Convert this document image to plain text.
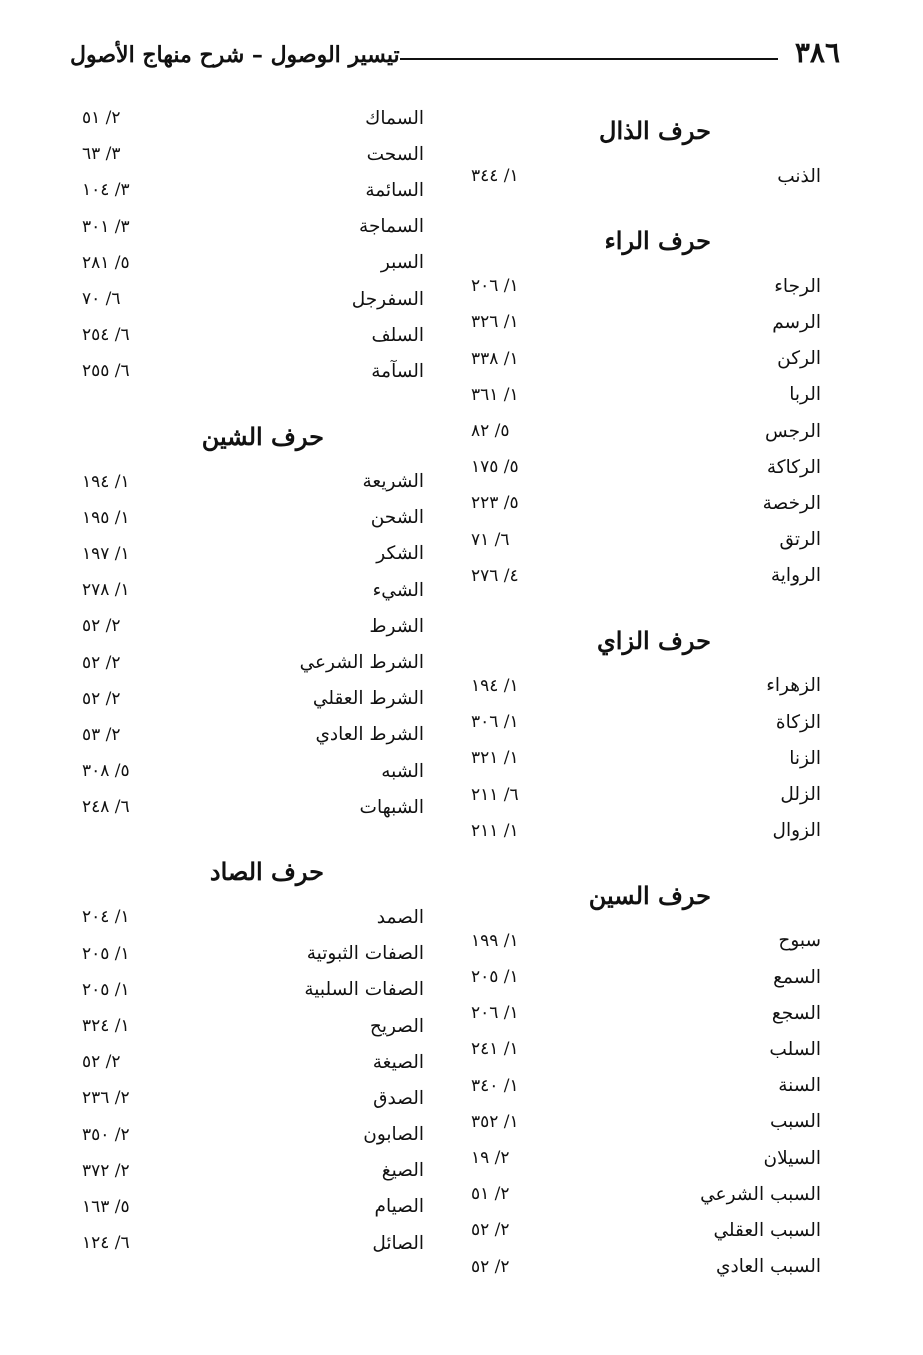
تيسير الوصول – شرح منهاج الأصول	٣٨٦
حرف الذال
الذنب
١/ ٣٤٤
حرف الراء
الرجاء
١/ ٢٠٦
الرسم
١/ ٣٢٦
الركن
١/ ٣٣٨
الربا
١/ ٣٦١
الرجس
٥/ ٨٢
الركاكة
٥/ ١٧٥
الرخصة
٥/ ٢٢٣
الرتق
٦/ ٧١
الرواية
٤/ ٢٧٦
حرف الزاي
الزهراء
١/ ١٩٤
الزكاة
١/ ٣٠٦
الزنا
١/ ٣٢١
الزلل
٦/ ٢١١
الزوال
١/ ٢١١
حرف السين
سبوح
١/ ١٩٩
السمع
١/ ٢٠٥
السجع
١/ ٢٠٦
السلب
١/ ٢٤١
السنة
١/ ٣٤٠
السبب
١/ ٣٥٢
السيلان
٢/ ١٩
السبب الشرعي
٢/ ٥١
السبب العقلي
٢/ ٥٢
السبب العادي
٢/ ٥٢
السماك
٢/ ٥١
السحت
٣/ ٦٣
السائمة
٣/ ١٠٤
السماجة
٣/ ٣٠١
السبر
٥/ ٢٨١
السفرجل
٦/ ٧٠
السلف
٦/ ٢٥٤
السآمة
٦/ ٢٥٥
حرف الشين
الشريعة
١/ ١٩٤
الشحن
١/ ١٩٥
الشكر
١/ ١٩٧
الشيء
١/ ٢٧٨
الشرط
٢/ ٥٢
الشرط الشرعي
٢/ ٥٢
الشرط العقلي
٢/ ٥٢
الشرط العادي
٢/ ٥٣
الشبه
٥/ ٣٠٨
الشبهات
٦/ ٢٤٨
حرف الصاد
الصمد
١/ ٢٠٤
الصفات الثبوتية
١/ ٢٠٥
الصفات السلبية
١/ ٢٠٥
الصريح
١/ ٣٢٤
الصيغة
٢/ ٥٢
الصدق
٢/ ٢٣٦
الصابون
٢/ ٣٥٠
الصيغ
٢/ ٣٧٢
الصيام
٥/ ١٦٣
الصائل
٦/ ١٢٤
